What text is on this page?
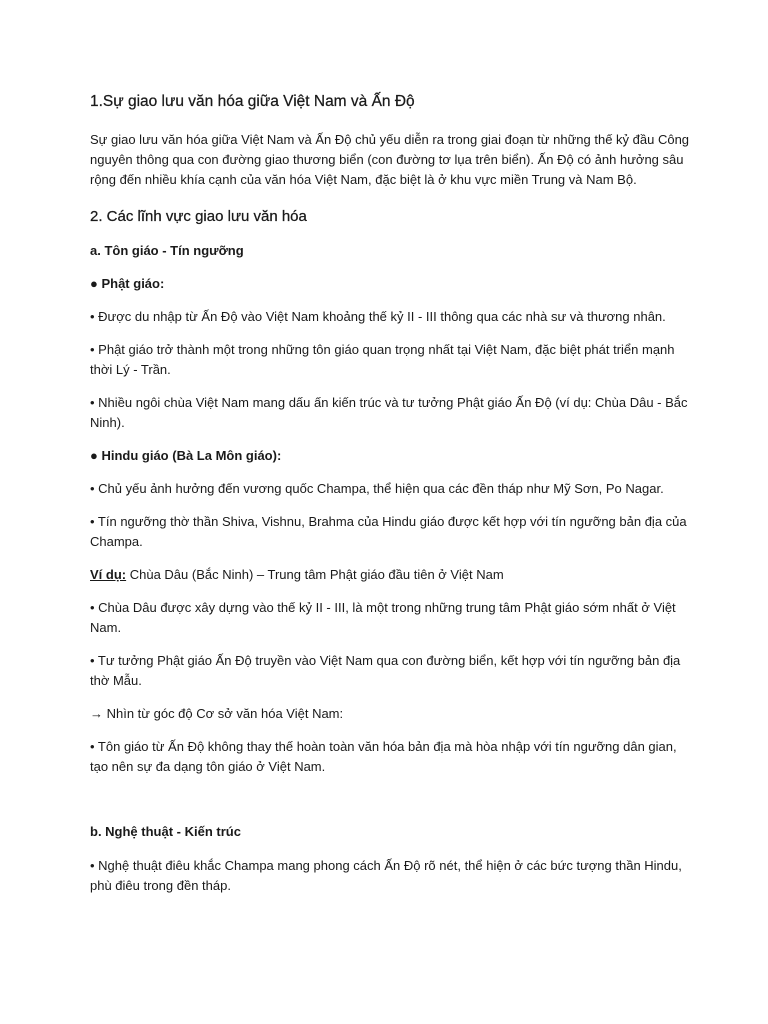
1.Sự giao lưu văn hóa giữa Việt Nam và Ấn Độ

Sự giao lưu văn hóa giữa Việt Nam và Ấn Độ chủ yếu diễn ra trong giai đoạn từ những thế kỷ đầu Công nguyên thông qua con đường giao thương biển (con đường tơ lụa trên biển). Ấn Độ có ảnh hưởng sâu rộng đến nhiều khía cạnh của văn hóa Việt Nam, đặc biệt là ở khu vực miền Trung và Nam Bộ.

2. Các lĩnh vực giao lưu văn hóa

a. Tôn giáo - Tín ngưỡng

● Phật giáo:

• Được du nhập từ Ấn Độ vào Việt Nam khoảng thế kỷ II - III thông qua các nhà sư và thương nhân.

• Phật giáo trở thành một trong những tôn giáo quan trọng nhất tại Việt Nam, đặc biệt phát triển mạnh thời Lý - Trần.

• Nhiều ngôi chùa Việt Nam mang dấu ấn kiến trúc và tư tưởng Phật giáo Ấn Độ (ví dụ: Chùa Dâu - Bắc Ninh).

● Hindu giáo (Bà La Môn giáo):

• Chủ yếu ảnh hưởng đến vương quốc Champa, thể hiện qua các đền tháp như Mỹ Sơn, Po Nagar.

• Tín ngưỡng thờ thần Shiva, Vishnu, Brahma của Hindu giáo được kết hợp với tín ngưỡng bản địa của Champa.

Ví dụ: Chùa Dâu (Bắc Ninh) – Trung tâm Phật giáo đầu tiên ở Việt Nam

• Chùa Dâu được xây dựng vào thế kỷ II - III, là một trong những trung tâm Phật giáo sớm nhất ở Việt Nam.

• Tư tưởng Phật giáo Ấn Độ truyền vào Việt Nam qua con đường biển, kết hợp với tín ngưỡng bản địa thờ Mẫu.

→ Nhìn từ góc độ Cơ sở văn hóa Việt Nam:

• Tôn giáo từ Ấn Độ không thay thế hoàn toàn văn hóa bản địa mà hòa nhập với tín ngưỡng dân gian, tạo nên sự đa dạng tôn giáo ở Việt Nam.

b. Nghệ thuật - Kiến trúc

• Nghệ thuật điêu khắc Champa mang phong cách Ấn Độ rõ nét, thể hiện ở các bức tượng thần Hindu, phù điêu trong đền tháp.
